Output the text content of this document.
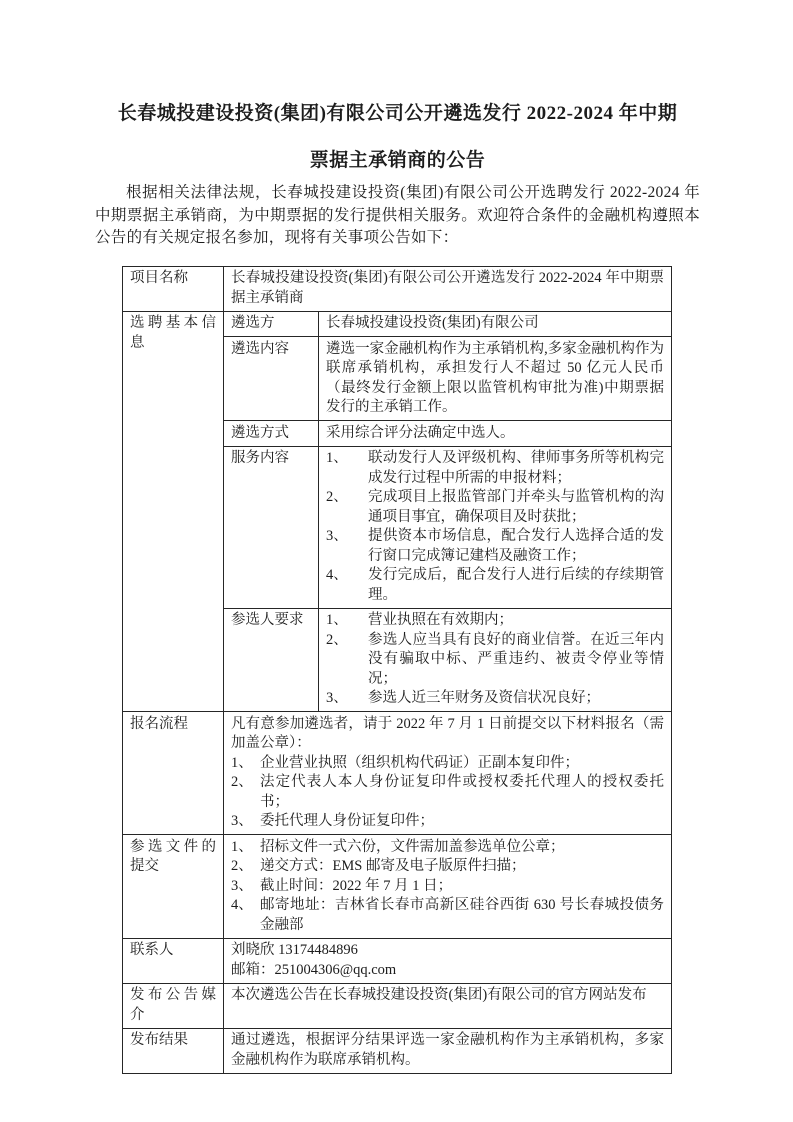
长春城投建设投资(集团)有限公司公开遴选发行 2022-2024 年中期
票据主承销商的公告

根据相关法律法规，长春城投建设投资(集团)有限公司公开选聘发行 2022-2024 年中期票据主承销商，为中期票据的发行提供相关服务。欢迎符合条件的金融机构遵照本公告的有关规定报名参加，现将有关事项公告如下：

项目名称	长春城投建设投资(集团)有限公司公开遴选发行 2022-2024 年中期票据主承销商	
选聘基本信息	遴选方	长春城投建设投资(集团)有限公司
	遴选内容	遴选一家金融机构作为主承销机构,多家金融机构作为联席承销机构，承担发行人不超过 50 亿元人民币（最终发行金额上限以监管机构审批为准)中期票据发行的主承销工作。
	遴选方式	采用综合评分法确定中选人。
服务内容	1、	联动发行人及评级机构、律师事务所等机构完成发行过程中所需的申报材料；
2、	完成项目上报监管部门并牵头与监管机构的沟通项目事宜，确保项目及时获批；
3、	提供资本市场信息，配合发行人选择合适的发行窗口完成簿记建档及融资工作；
4、	发行完成后，配合发行人进行后续的存续期管理。

参选人要求	1、	营业执照在有效期内；
2、	参选人应当具有良好的商业信誉。在近三年内没有骗取中标、严重违约、被责令停业等情况；
3、	参选人近三年财务及资信状况良好；

报名流程	凡有意参加遴选者，请于 2022 年 7 月 1 日前提交以下材料报名（需加盖公章）：
1、 企业营业执照（组织机构代码证）正副本复印件；
2、 法定代表人本人身份证复印件或授权委托代理人的授权委托书；
3、 委托代理人身份证复印件；

参选文件的提交	
1、 招标文件一式六份，文件需加盖参选单位公章；
2、 递交方式：EMS 邮寄及电子版原件扫描；
3、 截止时间：2022 年 7 月 1 日；
4、 邮寄地址：吉林省长春市高新区硅谷西街 630 号长春城投债务金融部

联系人	刘晓欣 13174484896
邮箱：251004306@qq.com	

发布公告媒介	本次遴选公告在长春城投建设投资(集团)有限公司的官方网站发布	
发布结果	通过遴选，根据评分结果评选一家金融机构作为主承销机构，多家金融机构作为联席承销机构。	
